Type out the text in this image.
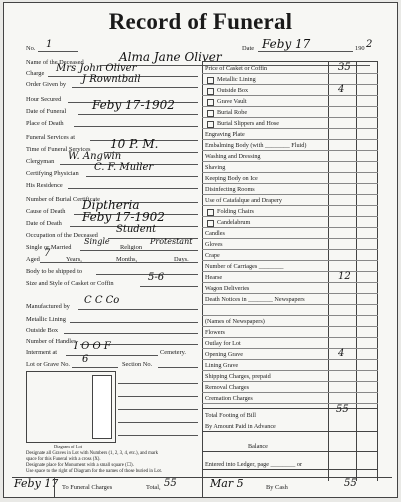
Record of Funeral
No. 1	Date Feby 17	190 2
Name of the Deceased	Alma Jane Oliver
Charge Mrs John Oliver
Order Given by J Rowntball
Hour Secured
Date of Funeral Feby 17-1902
Place of Death
Funeral Services at
Time of Funeral Services 10 P. M.
Clergyman W. Angwin
Certifying Physician
C. F. Muller
His Residence
Number of Burial Certificate
Cause of Death Diptheria
Date of Death Feby 17-1902
Occupation of the Deceased
Student
Single or Married
Single
Religion
Protestant
Aged
7
Years,	Months,	Days.
Body to be shipped to
Size and Style of Casket or Coffin
5-6
Manufactured by
C C Co
Metallic Lining
Outside Box
Number of Handles
Interment at
I O O F
Cemetery.
Lot or Grave No. 6	Section No.
Diagram of Lot
Designate all Graves in Lot with Numbers (1, 2, 3, 4, etc.), and mark
space for this Funeral with a cross (X).
Designate place for Monument with a small square (☐).
Use space to the right of Diagram for the names of those buried in Lot.
Price of Casket or Coffin	35
Metallic Lining
Outside Box	4
Grave Vault
Burial Robe
Burial Slippers and Hose
Engraving Plate
Embalming Body (with ________ Fluid)
Washing and Dressing
Shaving
Keeping Body on Ice
Disinfecting Rooms
Use of Catafalque and Drapery
Folding Chairs
Candelabrum
Candles
Gloves
Crape
Number of Carriages ________
Hearse	12
Wagon Deliveries
Death Notices in ________ Newspapers
(Names of Newspapers)
Flowers
Outlay for Lot
Opening Grave	4
Lining Grave
Shipping Charges, prepaid
Removal Charges
Cremation Charges
Total Footing of Bill
55
By Amount Paid in Advance
Balance
Entered into Ledger, page ________ or
Feby 17 To Funeral Charges	Total, 55	Mar 5	By Cash	55
